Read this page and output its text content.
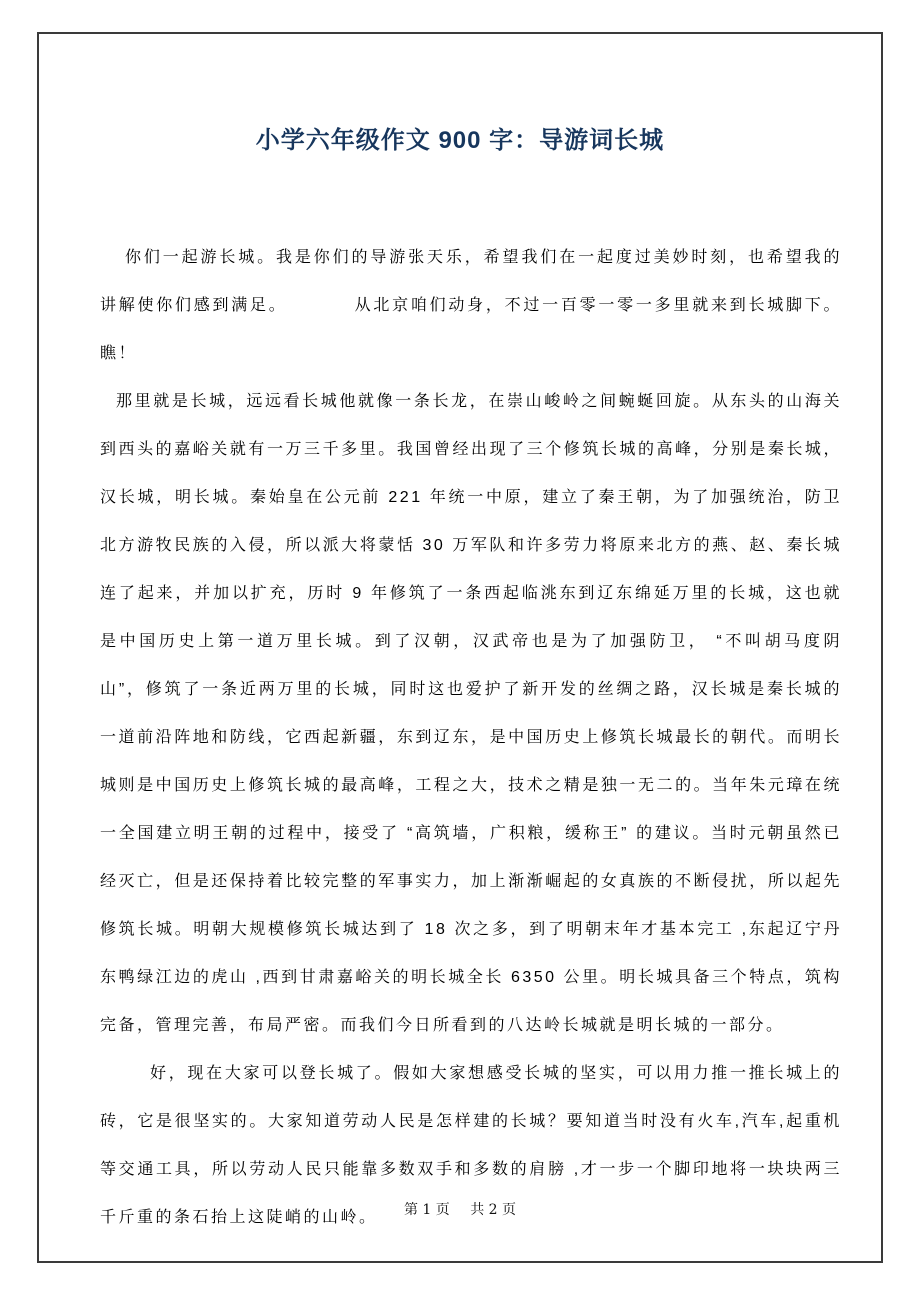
小学六年级作文 900 字：导游词长城

你们一起游长城。我是你们的导游张天乐，希望我们在一起度过美妙时刻，也希望我的讲解使你们感到满足。　　　　从北京咱们动身，不过一百零一零一多里就来到长城脚下。瞧！

那里就是长城，远远看长城他就像一条长龙，在崇山峻岭之间蜿蜒回旋。从东头的山海关到西头的嘉峪关就有一万三千多里。我国曾经出现了三个修筑长城的高峰，分别是秦长城，汉长城，明长城。秦始皇在公元前 221 年统一中原，建立了秦王朝，为了加强统治，防卫北方游牧民族的入侵，所以派大将蒙恬 30 万军队和许多劳力将原来北方的燕、赵、秦长城连了起来，并加以扩充，历时 9 年修筑了一条西起临洮东到辽东绵延万里的长城，这也就是中国历史上第一道万里长城。到了汉朝，汉武帝也是为了加强防卫， “不叫胡马度阴山”，修筑了一条近两万里的长城，同时这也爱护了新开发的丝绸之路，汉长城是秦长城的一道前沿阵地和防线，它西起新疆，东到辽东，是中国历史上修筑长城最长的朝代。而明长城则是中国历史上修筑长城的最高峰，工程之大，技术之精是独一无二的。当年朱元璋在统一全国建立明王朝的过程中，接受了 “高筑墙，广积粮，缓称王” 的建议。当时元朝虽然已经灭亡，但是还保持着比较完整的军事实力，加上渐渐崛起的女真族的不断侵扰，所以起先修筑长城。明朝大规模修筑长城达到了 18 次之多，到了明朝末年才基本完工 ,东起辽宁丹东鸭绿江边的虎山 ,西到甘肃嘉峪关的明长城全长 6350 公里。明长城具备三个特点，筑构完备，管理完善，布局严密。而我们今日所看到的八达岭长城就是明长城的一部分。

好，现在大家可以登长城了。假如大家想感受长城的坚实，可以用力推一推长城上的砖，它是很坚实的。大家知道劳动人民是怎样建的长城？要知道当时没有火车,汽车,起重机等交通工具，所以劳动人民只能靠多数双手和多数的肩膀 ,才一步一个脚印地将一块块两三千斤重的条石抬上这陡峭的山岭。	第 1 页 共 2 页
